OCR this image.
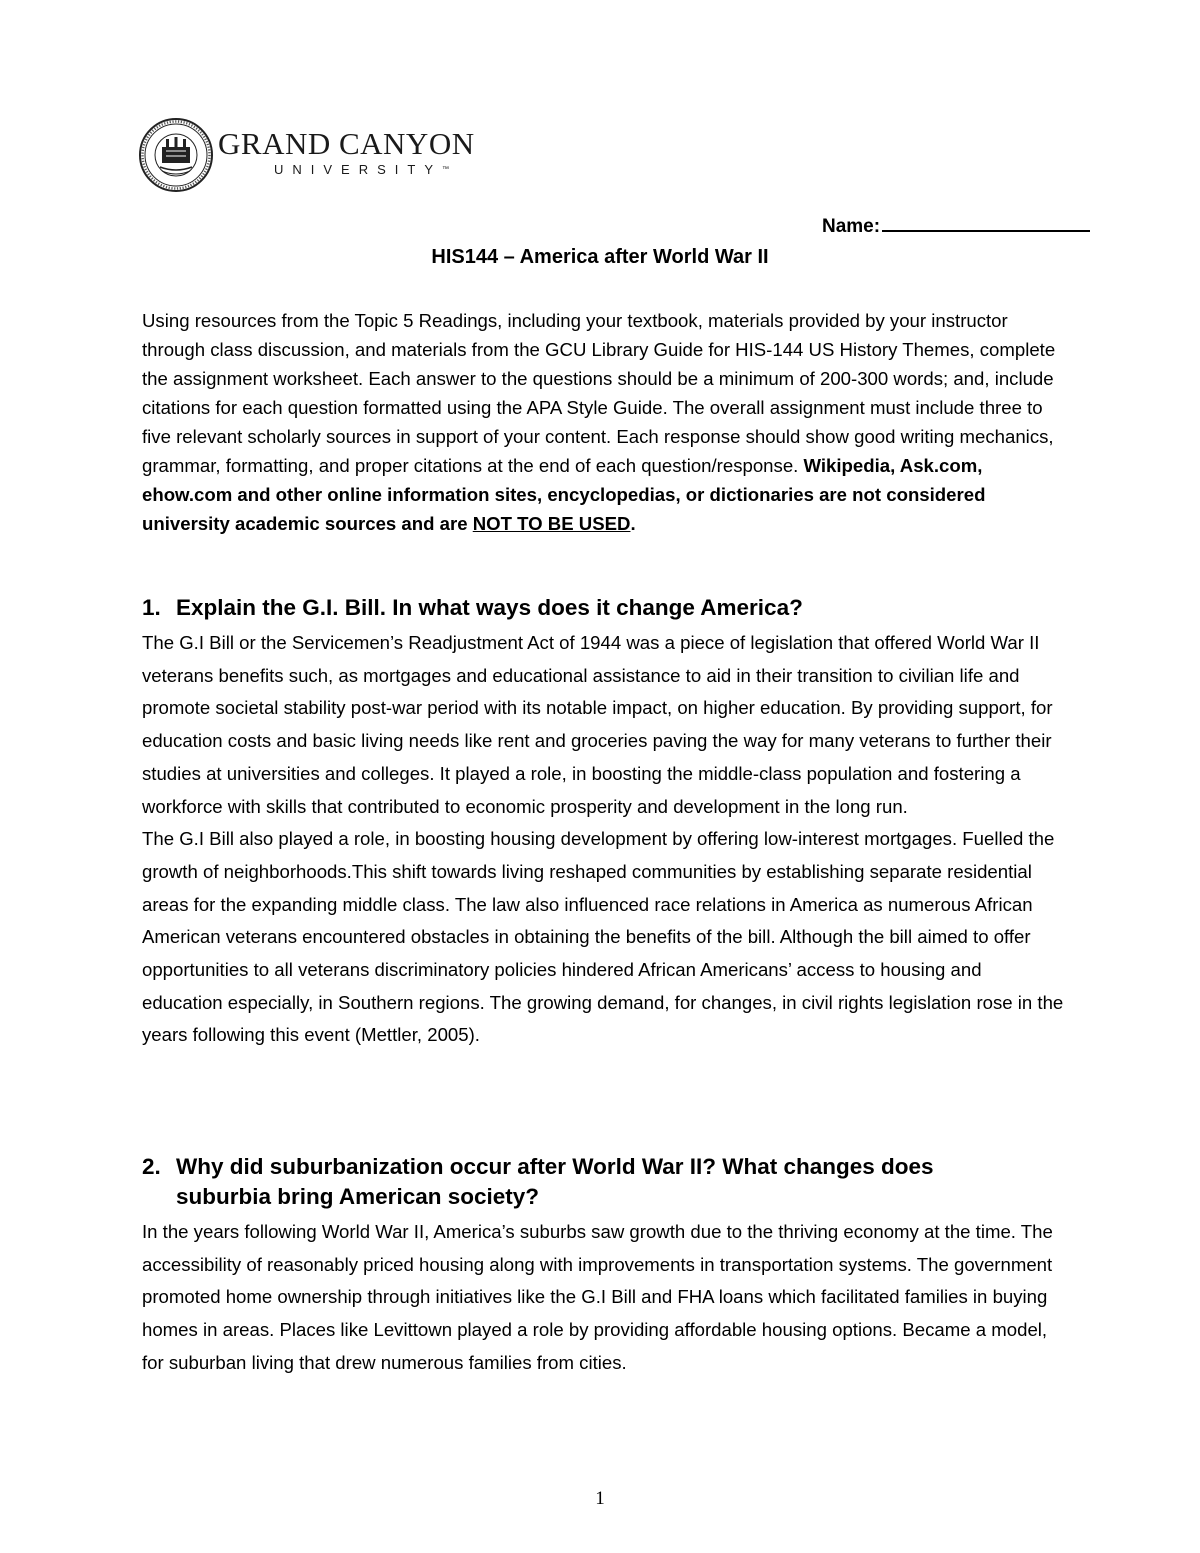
GRAND CANYON
UNIVERSITY™
Name:
HIS144 – America after World War II
Using resources from the Topic 5 Readings, including your textbook, materials provided by your instructor through class discussion, and materials from the GCU Library Guide for HIS-144 US History Themes, complete the assignment worksheet. Each answer to the questions should be a minimum of 200-300 words; and, include citations for each question formatted using the APA Style Guide. The overall assignment must include three to five relevant scholarly sources in support of your content. Each response should show good writing mechanics, grammar, formatting, and proper citations at the end of each question/response. Wikipedia, Ask.com, ehow.com and other online information sites, encyclopedias, or dictionaries are not considered university academic sources and are NOT TO BE USED.
1. Explain the G.I. Bill. In what ways does it change America?

The G.I Bill or the Servicemen’s Readjustment Act of 1944 was a piece of legislation that offered World War II veterans benefits such, as mortgages and educational assistance to aid in their transition to civilian life and promote societal stability post-war period with its notable impact, on higher education. By providing support, for education costs and basic living needs like rent and groceries paving the way for many veterans to further their studies at universities and colleges. It played a role, in boosting the middle-class population and fostering a workforce with skills that contributed to economic prosperity and development in the long run.

The G.I Bill also played a role, in boosting housing development by offering low-interest mortgages. Fuelled the growth of neighborhoods.This shift towards living reshaped communities by establishing separate residential areas for the expanding middle class. The law also influenced race relations in America as numerous African American veterans encountered obstacles in obtaining the benefits of the bill. Although the bill aimed to offer opportunities to all veterans discriminatory policies hindered African Americans’ access to housing and education especially, in Southern regions. The growing demand, for changes, in civil rights legislation rose in the years following this event (Mettler, 2005).

2. Why did suburbanization occur after World War II? What changes does
suburbia bring American society?

In the years following World War II, America’s suburbs saw growth due to the thriving economy at the time. The accessibility of reasonably priced housing along with improvements in transportation systems. The government promoted home ownership through initiatives like the G.I Bill and FHA loans which facilitated families in buying homes in areas. Places like Levittown played a role by providing affordable housing options. Became a model, for suburban living that drew numerous families from cities.

1
